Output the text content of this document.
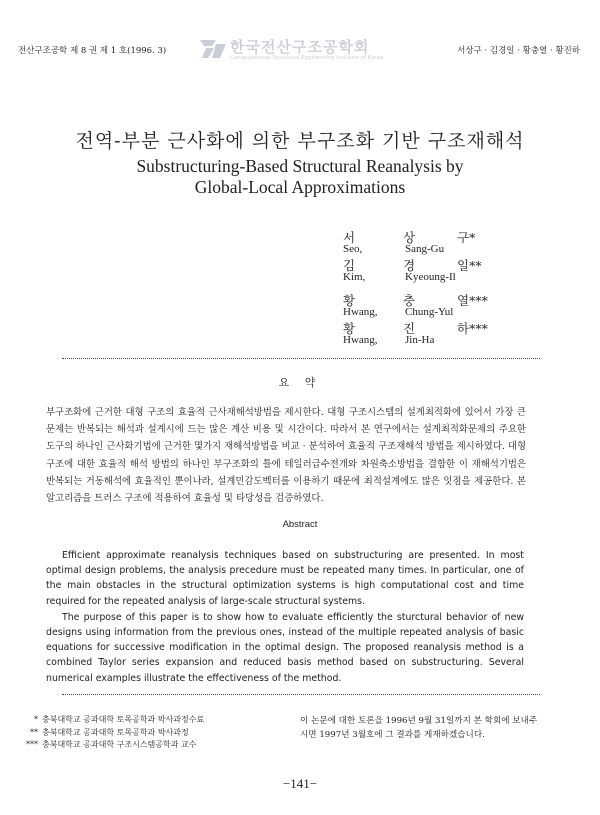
전산구조공학 제 8 권 제 1 호(1996. 3)	한국전산구조공학회
Computational Structural Engineering Institute of Korea
서상구 · 김경일 · 황충열 · 황진하
전역-부분 근사화에 의한 부구조화 기반 구조재해석
Substructuring-Based Structural Reanalysis by
Global-Local Approximations
서	상	구*
Seo,	Sang-Gu
김	경	일**
Kim,	Kyeoung-Il
황	충	열***
Hwang, Chung-Yul
황	진	하***
Hwang, Jin-Ha
요 약
부구조화에 근거한 대형 구조의 효율적 근사재해석방법을 제시한다. 대형 구조시스템의 설계최적화에 있어서 가장 큰 문제는 반복되는 해석과 설계시에 드는 많은 계산 비용 및 시간이다. 따라서 본 연구에서는 설계최적화문제의 주요한 도구의 하나인 근사화기법에 근거한 몇가지 재해석방법을 비교 · 분석하여 효율적 구조재해석 방법을 제시하였다. 대형 구조에 대한 효율적 해석 방법의 하나인 부구조화의 틀에 테일러급수전개와 차원축소방법을 결합한 이 재해석기법은 반복되는 거동해석에 효율적인 뿐이나라, 설계민감도벡터를 이용하기 때문에 최적설계에도 많은 잇점을 제공한다. 본 알고리즘을 트러스 구조에 적용하여 효율성 및 타당성을 검증하였다.
Abstract

Efficient approximate reanalysis techniques based on substructuring are presented. In most optimal design problems, the analysis precedure must be repeated many times. In particular, one of the main obstacles in the structural optimization systems is high computational cost and time required for the repeated analysis of large-scale structural systems.

The purpose of this paper is to show how to evaluate efficiently the sturctural behavior of new designs using information from the previous ones, instead of the multiple repeated analysis of basic equations for successive modification in the optimal design. The proposed reanalysis method is a combined Taylor series expansion and reduced basis method based on substructuring. Several numerical examples illustrate the effectiveness of the method.

* 충북대학교 공과대학 토목공학과 박사과정수료
** 충북대학교 공과대학 토목공학과 박사과정
*** 충북대학교 공과대학 구조시스템공학과 교수
이 논문에 대한 토론을 1996년 9월 31일까지 본 학회에 보내주시면 1997년 3월호에 그 결과를 게재하겠습니다.
−141−
